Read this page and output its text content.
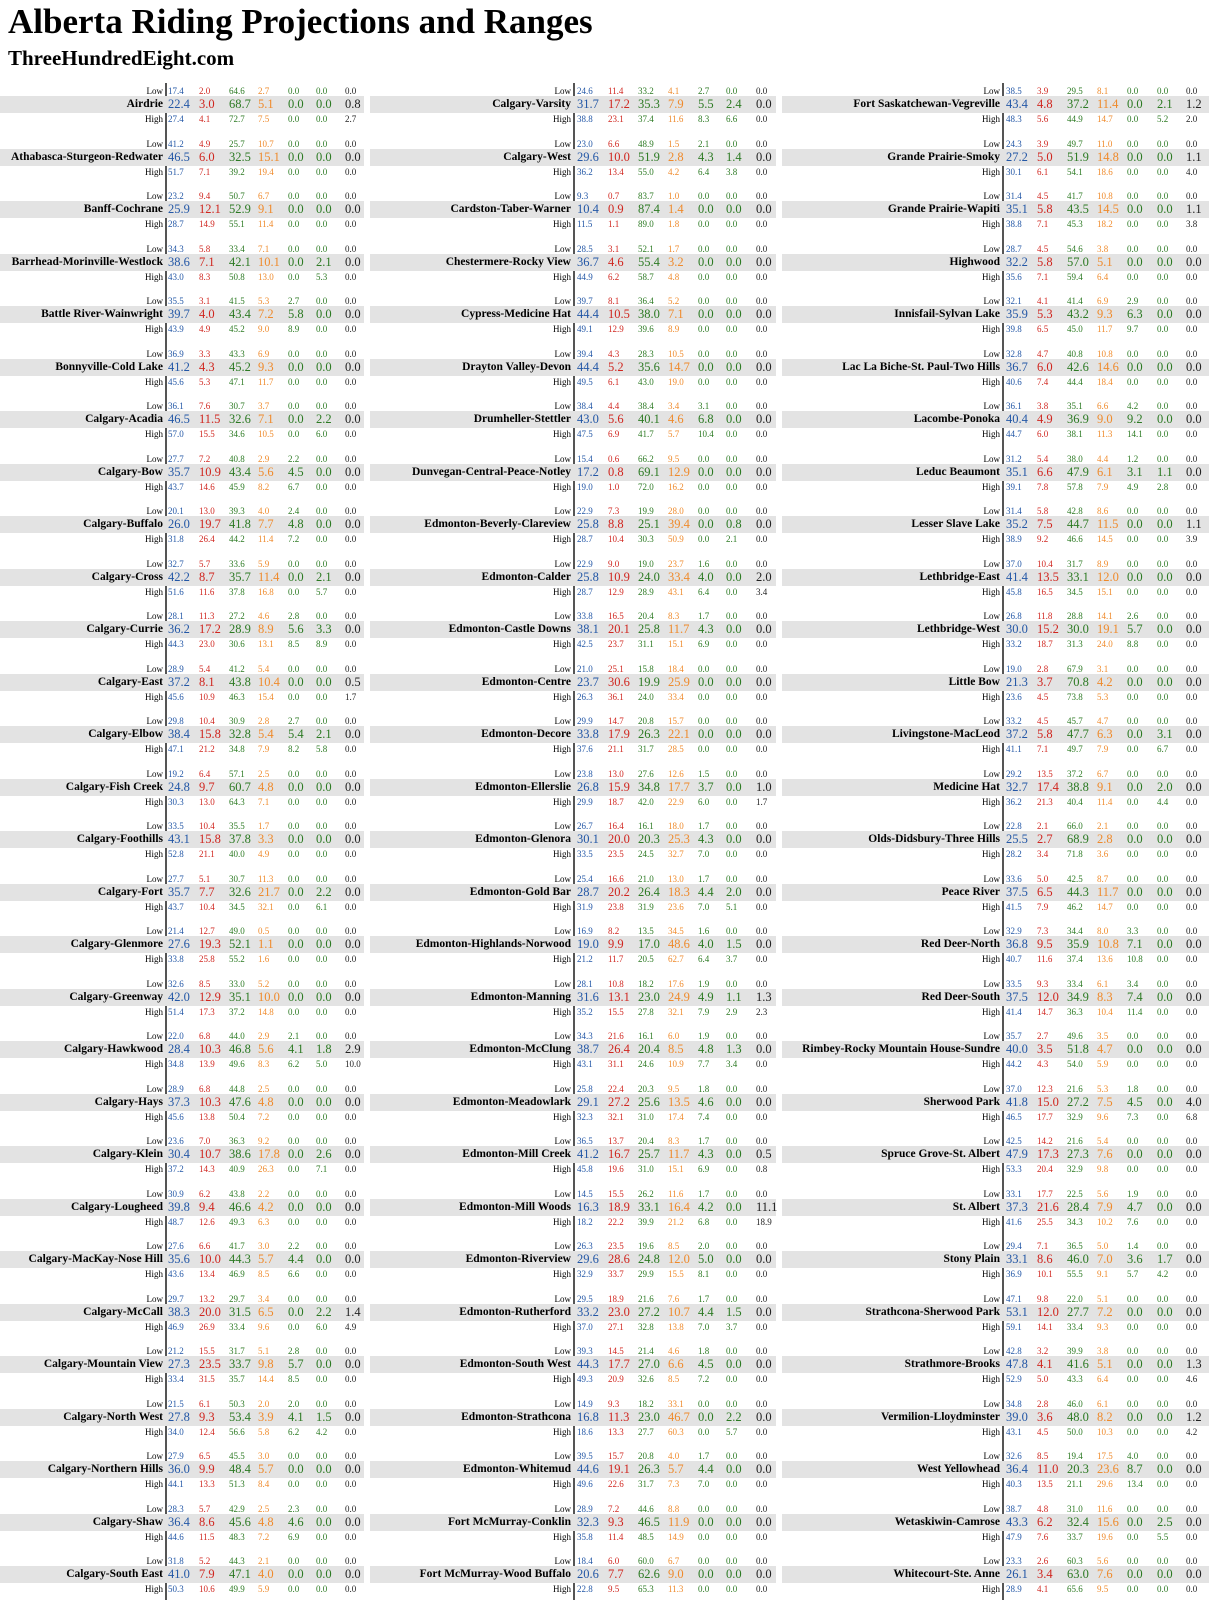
Alberta Riding Projections and Ranges
ThreeHundredEight.com
Low 17.4	2.0	64.6	2.7	0.0	0.0	0.0
Airdrie 22.4 3.0	68.7 5.1	0.0 0.0	0.8
High 27.4	4.1	72.7	7.5	0.0	0.0	2.7
Low 41.2	4.9	25.7	10.7	0.0	0.0	0.0
Athabasca-Sturgeon-Redwater 46.5 6.0	32.5 15.1 0.0 0.0	0.0
High 51.7	7.1	39.2	19.4	0.0	0.0	0.0
Low 23.2	9.4	50.7	6.7	0.0	0.0	0.0
Banff-Cochrane 25.9 12.1 52.9 9.1	0.0 0.0	0.0
High 28.7	14.9	55.1	11.4	0.0	0.0	0.0
Low 34.3	5.8	33.4	7.1	0.0	0.0	0.0
Barrhead-Morinville-Westlock 38.6 7.1	42.1 10.1 0.0 2.1	0.0
High 43.0	8.3	50.8	13.0	0.0	5.3	0.0
Low 35.5	3.1	41.5	5.3	2.7	0.0	0.0
Battle River-Wainwright 39.7 4.0	43.4 7.2	5.8 0.0	0.0
High 43.9	4.9	45.2	9.0	8.9	0.0	0.0
Low 36.9	3.3	43.3	6.9	0.0	0.0	0.0
Bonnyville-Cold Lake 41.2 4.3	45.2 9.3	0.0 0.0	0.0
High 45.6	5.3	47.1	11.7	0.0	0.0	0.0
Low 36.1	7.6	30.7	3.7	0.0	0.0	0.0
Calgary-Acadia 46.5 11.5 32.6 7.1	0.0 2.2	0.0
High 57.0	15.5	34.6	10.5	0.0	6.0	0.0
Low 27.7	7.2	40.8	2.9	2.2	0.0	0.0
Calgary-Bow 35.7 10.9 43.4 5.6	4.5 0.0	0.0
High 43.7	14.6	45.9	8.2	6.7	0.0	0.0
Low 20.1	13.0	39.3	4.0	2.4	0.0	0.0
Calgary-Buffalo 26.0 19.7 41.8 7.7	4.8 0.0	0.0
High 31.8	26.4	44.2	11.4	7.2	0.0	0.0
Low 32.7	5.7	33.6	5.9	0.0	0.0	0.0
Calgary-Cross 42.2 8.7	35.7 11.4 0.0 2.1	0.0
High 51.6	11.6	37.8	16.8	0.0	5.7	0.0
Low 28.1	11.3	27.2	4.6	2.8	0.0	0.0
Calgary-Currie 36.2 17.2 28.9 8.9	5.6 3.3	0.0
High 44.3	23.0	30.6	13.1	8.5	8.9	0.0
Low 28.9	5.4	41.2	5.4	0.0	0.0	0.0
Calgary-East 37.2 8.1	43.8 10.4 0.0 0.0	0.5
High 45.6	10.9	46.3	15.4	0.0	0.0	1.7
Low 29.8	10.4	30.9	2.8	2.7	0.0	0.0
Calgary-Elbow 38.4 15.8 32.8 5.4	5.4 2.1	0.0
High 47.1	21.2	34.8	7.9	8.2	5.8	0.0
Low 19.2	6.4	57.1	2.5	0.0	0.0	0.0
Calgary-Fish Creek 24.8 9.7	60.7 4.8	0.0 0.0	0.0
High 30.3	13.0	64.3	7.1	0.0	0.0	0.0
Low 33.5	10.4	35.5	1.7	0.0	0.0	0.0
Calgary-Foothills 43.1 15.8 37.8 3.3	0.0 0.0	0.0
High 52.8	21.1	40.0	4.9	0.0	0.0	0.0
Low 27.7	5.1	30.7	11.3	0.0	0.0	0.0
Calgary-Fort 35.7 7.7	32.6 21.7 0.0 2.2	0.0
High 43.7	10.4	34.5	32.1	0.0	6.1	0.0
Low 21.4	12.7	49.0	0.5	0.0	0.0	0.0
Calgary-Glenmore 27.6 19.3 52.1 1.1	0.0 0.0	0.0
High 33.8	25.8	55.2	1.6	0.0	0.0	0.0
Low 32.6	8.5	33.0	5.2	0.0	0.0	0.0
Calgary-Greenway 42.0 12.9 35.1 10.0 0.0 0.0	0.0
High 51.4	17.3	37.2	14.8	0.0	0.0	0.0
Low 22.0	6.8	44.0	2.9	2.1	0.0	0.0
Calgary-Hawkwood 28.4 10.3 46.8 5.6	4.1 1.8	2.9
High 34.8	13.9	49.6	8.3	6.2	5.0	10.0
Low 28.9	6.8	44.8	2.5	0.0	0.0	0.0
Calgary-Hays 37.3 10.3 47.6 4.8	0.0 0.0	0.0
High 45.6	13.8	50.4	7.2	0.0	0.0	0.0
Low 23.6	7.0	36.3	9.2	0.0	0.0	0.0
Calgary-Klein 30.4 10.7 38.6 17.8 0.0 2.6	0.0
High 37.2	14.3	40.9	26.3	0.0	7.1	0.0
Low 30.9	6.2	43.8	2.2	0.0	0.0	0.0
Calgary-Lougheed 39.8 9.4	46.6 4.2	0.0 0.0	0.0
High 48.7	12.6	49.3	6.3	0.0	0.0	0.0
Low 27.6	6.6	41.7	3.0	2.2	0.0	0.0
Calgary-MacKay-Nose Hill 35.6 10.0 44.3 5.7	4.4 0.0	0.0
High 43.6	13.4	46.9	8.5	6.6	0.0	0.0
Low 29.7	13.2	29.7	3.4	0.0	0.0	0.0
Calgary-McCall 38.3 20.0 31.5 6.5	0.0 2.2	1.4
High 46.9	26.9	33.4	9.6	0.0	6.0	4.9
Low 21.2	15.5	31.7	5.1	2.8	0.0	0.0
Calgary-Mountain View 27.3 23.5 33.7 9.8	5.7 0.0	0.0
High 33.4	31.5	35.7	14.4	8.5	0.0	0.0
Low 21.5	6.1	50.3	2.0	2.0	0.0	0.0
Calgary-North West 27.8 9.3	53.4 3.9	4.1 1.5	0.0
High 34.0	12.4	56.6	5.8	6.2	4.2	0.0
Low 27.9	6.5	45.5	3.0	0.0	0.0	0.0
Calgary-Northern Hills 36.0 9.9	48.4 5.7	0.0 0.0	0.0
High 44.1	13.3	51.3	8.4	0.0	0.0	0.0
Low 28.3	5.7	42.9	2.5	2.3	0.0	0.0
Calgary-Shaw 36.4 8.6	45.6 4.8	4.6 0.0	0.0
High 44.6	11.5	48.3	7.2	6.9	0.0	0.0
Low 31.8	5.2	44.3	2.1	0.0	0.0	0.0
Calgary-South East 41.0 7.9	47.1 4.0	0.0 0.0	0.0
High 50.3	10.6	49.9	5.9	0.0	0.0	0.0
Low 24.6	11.4	33.2	4.1	2.7	0.0	0.0
Calgary-Varsity 31.7 17.2 35.3 7.9	5.5 2.4	0.0
High 38.8	23.1	37.4	11.6	8.3	6.6	0.0
Low 23.0	6.6	48.9	1.5	2.1	0.0	0.0
Calgary-West 29.6 10.0 51.9 2.8	4.3 1.4	0.0
High 36.2	13.4	55.0	4.2	6.4	3.8	0.0
Low 9.3	0.7	83.7	1.0	0.0	0.0	0.0
Cardston-Taber-Warner 10.4 0.9	87.4 1.4	0.0 0.0	0.0
High 11.5	1.1	89.0	1.8	0.0	0.0	0.0
Low 28.5	3.1	52.1	1.7	0.0	0.0	0.0
Chestermere-Rocky View 36.7 4.6	55.4 3.2	0.0 0.0	0.0
High 44.9	6.2	58.7	4.8	0.0	0.0	0.0
Low 39.7	8.1	36.4	5.2	0.0	0.0	0.0
Cypress-Medicine Hat 44.4 10.5 38.0 7.1	0.0 0.0	0.0
High 49.1	12.9	39.6	8.9	0.0	0.0	0.0
Low 39.4	4.3	28.3	10.5	0.0	0.0	0.0
Drayton Valley-Devon 44.4 5.2	35.6 14.7 0.0 0.0	0.0
High 49.5	6.1	43.0	19.0	0.0	0.0	0.0
Low 38.4	4.4	38.4	3.4	3.1	0.0	0.0
Drumheller-Stettler 43.0 5.6	40.1 4.6	6.8 0.0	0.0
High 47.5	6.9	41.7	5.7	10.4	0.0	0.0
Low 15.4	0.6	66.2	9.5	0.0	0.0	0.0
Dunvegan-Central-Peace-Notley 17.2 0.8	69.1 12.9 0.0 0.0	0.0
High 19.0	1.0	72.0	16.2	0.0	0.0	0.0
Low 22.9	7.3	19.9	28.0	0.0	0.0	0.0
Edmonton-Beverly-Clareview 25.8 8.8	25.1 39.4 0.0 0.8	0.0
High 28.7	10.4	30.3	50.9	0.0	2.1	0.0
Low 22.9	9.0	19.0	23.7	1.6	0.0	0.0
Edmonton-Calder 25.8 10.9 24.0 33.4 4.0 0.0	2.0
High 28.7	12.9	28.9	43.1	6.4	0.0	3.4
Low 33.8	16.5	20.4	8.3	1.7	0.0	0.0
Edmonton-Castle Downs 38.1 20.1 25.8 11.7 4.3 0.0	0.0
High 42.5	23.7	31.1	15.1	6.9	0.0	0.0
Low 21.0	25.1	15.8	18.4	0.0	0.0	0.0
Edmonton-Centre 23.7 30.6 19.9 25.9 0.0 0.0	0.0
High 26.3	36.1	24.0	33.4	0.0	0.0	0.0
Low 29.9	14.7	20.8	15.7	0.0	0.0	0.0
Edmonton-Decore 33.8 17.9 26.3 22.1 0.0 0.0	0.0
High 37.6	21.1	31.7	28.5	0.0	0.0	0.0
Low 23.8	13.0	27.6	12.6	1.5	0.0	0.0
Edmonton-Ellerslie 26.8 15.9 34.8 17.7 3.7 0.0	1.0
High 29.9	18.7	42.0	22.9	6.0	0.0	1.7
Low 26.7	16.4	16.1	18.0	1.7	0.0	0.0
Edmonton-Glenora 30.1 20.0 20.3 25.3 4.3 0.0	0.0
High 33.5	23.5	24.5	32.7	7.0	0.0	0.0
Low 25.4	16.6	21.0	13.0	1.7	0.0	0.0
Edmonton-Gold Bar 28.7 20.2 26.4 18.3 4.4 2.0	0.0
High 31.9	23.8	31.9	23.6	7.0	5.1	0.0
Low 16.9	8.2	13.5	34.5	1.6	0.0	0.0
Edmonton-Highlands-Norwood 19.0 9.9	17.0 48.6 4.0 1.5	0.0
High 21.2	11.7	20.5	62.7	6.4	3.7	0.0
Low 28.1	10.8	18.2	17.6	1.9	0.0	0.0
Edmonton-Manning 31.6 13.1 23.0 24.9 4.9 1.1	1.3
High 35.2	15.5	27.8	32.1	7.9	2.9	2.3
Low 34.3	21.6	16.1	6.0	1.9	0.0	0.0
Edmonton-McClung 38.7 26.4 20.4 8.5	4.8 1.3	0.0
High 43.1	31.1	24.6	10.9	7.7	3.4	0.0
Low 25.8	22.4	20.3	9.5	1.8	0.0	0.0
Edmonton-Meadowlark 29.1 27.2 25.6 13.5 4.6 0.0	0.0
High 32.3	32.1	31.0	17.4	7.4	0.0	0.0
Low 36.5	13.7	20.4	8.3	1.7	0.0	0.0
Edmonton-Mill Creek 41.2 16.7 25.7 11.7 4.3 0.0	0.5
High 45.8	19.6	31.0	15.1	6.9	0.0	0.8
Low 14.5	15.5	26.2	11.6	1.7	0.0	0.0
Edmonton-Mill Woods 16.3 18.9 33.1 16.4 4.2 0.0	11.1
High 18.2	22.2	39.9	21.2	6.8	0.0	18.9
Low 26.3	23.5	19.6	8.5	2.0	0.0	0.0
Edmonton-Riverview 29.6 28.6 24.8 12.0 5.0 0.0	0.0
High 32.9	33.7	29.9	15.5	8.1	0.0	0.0
Low 29.5	18.9	21.6	7.6	1.7	0.0	0.0
Edmonton-Rutherford 33.2 23.0 27.2 10.7 4.4 1.5	0.0
High 37.0	27.1	32.8	13.8	7.0	3.7	0.0
Low 39.3	14.5	21.4	4.6	1.8	0.0	0.0
Edmonton-South West 44.3 17.7 27.0 6.6	4.5 0.0	0.0
High 49.3	20.9	32.6	8.5	7.2	0.0	0.0
Low 14.9	9.3	18.2	33.1	0.0	0.0	0.0
Edmonton-Strathcona 16.8 11.3 23.0 46.7 0.0 2.2	0.0
High 18.6	13.3	27.7	60.3	0.0	5.7	0.0
Low 39.5	15.7	20.8	4.0	1.7	0.0	0.0
Edmonton-Whitemud 44.6 19.1 26.3 5.7	4.4 0.0	0.0
High 49.6	22.6	31.7	7.3	7.0	0.0	0.0
Low 28.9	7.2	44.6	8.8	0.0	0.0	0.0
Fort McMurray-Conklin 32.3 9.3	46.5 11.9 0.0 0.0	0.0
High 35.8	11.4	48.5	14.9	0.0	0.0	0.0
Low 18.4	6.0	60.0	6.7	0.0	0.0	0.0
Fort McMurray-Wood Buffalo 20.6 7.7	62.6 9.0	0.0 0.0	0.0
High 22.8	9.5	65.3	11.3	0.0	0.0	0.0
Low 38.5	3.9	29.5	8.1	0.0	0.0	0.0
Fort Saskatchewan-Vegreville 43.4 4.8	37.2 11.4 0.0	2.1	1.2
High 48.3	5.6	44.9	14.7	0.0	5.2	2.0
Low 24.3	3.9	49.7	11.0	0.0	0.0	0.0
Grande Prairie-Smoky 27.2 5.0	51.9 14.8 0.0	0.0	1.1
High 30.1	6.1	54.1	18.6	0.0	0.0	4.0
Low 31.4	4.5	41.7	10.8	0.0	0.0	0.0
Grande Prairie-Wapiti 35.1 5.8	43.5 14.5 0.0	0.0	1.1
High 38.8	7.1	45.3	18.2	0.0	0.0	3.8
Low 28.7	4.5	54.6	3.8	0.0	0.0	0.0
Highwood 32.2 5.8	57.0 5.1	0.0	0.0	0.0
High 35.6	7.1	59.4	6.4	0.0	0.0	0.0
Low 32.1	4.1	41.4	6.9	2.9	0.0	0.0
Innisfail-Sylvan Lake 35.9 5.3	43.2 9.3	6.3	0.0	0.0
High 39.8	6.5	45.0	11.7	9.7	0.0	0.0
Low 32.8	4.7	40.8	10.8	0.0	0.0	0.0
Lac La Biche-St. Paul-Two Hills 36.7 6.0	42.6 14.6 0.0	0.0	0.0
High 40.6	7.4	44.4	18.4	0.0	0.0	0.0
Low 36.1	3.8	35.1	6.6	4.2	0.0	0.0
Lacombe-Ponoka 40.4 4.9	36.9 9.0	9.2	0.0	0.0
High 44.7	6.0	38.1	11.3	14.1	0.0	0.0
Low 31.2	5.4	38.0	4.4	1.2	0.0	0.0
Leduc Beaumont 35.1 6.6	47.9 6.1	3.1	1.1	0.0
High 39.1	7.8	57.8	7.9	4.9	2.8	0.0
Low 31.4	5.8	42.8	8.6	0.0	0.0	0.0
Lesser Slave Lake 35.2 7.5	44.7 11.5 0.0	0.0	1.1
High 38.9	9.2	46.6	14.5	0.0	0.0	3.9
Low 37.0	10.4	31.7	8.9	0.0	0.0	0.0
Lethbridge-East 41.4 13.5 33.1 12.0 0.0	0.0	0.0
High 45.8	16.5	34.5	15.1	0.0	0.0	0.0
Low 26.8	11.8	28.8	14.1	2.6	0.0	0.0
Lethbridge-West 30.0 15.2 30.0 19.1 5.7	0.0	0.0
High 33.2	18.7	31.3	24.0	8.8	0.0	0.0
Low 19.0	2.8	67.9	3.1	0.0	0.0	0.0
Little Bow 21.3 3.7	70.8 4.2	0.0	0.0	0.0
High 23.6	4.5	73.8	5.3	0.0	0.0	0.0
Low 33.2	4.5	45.7	4.7	0.0	0.0	0.0
Livingstone-MacLeod 37.2 5.8	47.7 6.3	0.0	3.1	0.0
High 41.1	7.1	49.7	7.9	0.0	6.7	0.0
Low 29.2	13.5	37.2	6.7	0.0	0.0	0.0
Medicine Hat 32.7 17.4 38.8 9.1	0.0	2.0	0.0
High 36.2	21.3	40.4	11.4	0.0	4.4	0.0
Low 22.8	2.1	66.0	2.1	0.0	0.0	0.0
Olds-Didsbury-Three Hills 25.5 2.7	68.9 2.8	0.0	0.0	0.0
High 28.2	3.4	71.8	3.6	0.0	0.0	0.0
Low 33.6	5.0	42.5	8.7	0.0	0.0	0.0
Peace River 37.5 6.5	44.3 11.7 0.0	0.0	0.0
High 41.5	7.9	46.2	14.7	0.0	0.0	0.0
Low 32.9	7.3	34.4	8.0	3.3	0.0	0.0
Red Deer-North 36.8 9.5	35.9 10.8 7.1	0.0	0.0
High 40.7	11.6	37.4	13.6	10.8	0.0	0.0
Low 33.5	9.3	33.4	6.1	3.4	0.0	0.0
Red Deer-South 37.5 12.0 34.9 8.3	7.4	0.0	0.0
High 41.4	14.7	36.3	10.4	11.4	0.0	0.0
Low 35.7	2.7	49.6	3.5	0.0	0.0	0.0
Rimbey-Rocky Mountain House-Sundre 40.0 3.5	51.8 4.7	0.0	0.0	0.0
High 44.2	4.3	54.0	5.9	0.0	0.0	0.0
Low 37.0	12.3	21.6	5.3	1.8	0.0	0.0
Sherwood Park 41.8 15.0 27.2 7.5	4.5	0.0	4.0
High 46.5	17.7	32.9	9.6	7.3	0.0	6.8
Low 42.5	14.2	21.6	5.4	0.0	0.0	0.0
Spruce Grove-St. Albert 47.9 17.3 27.3 7.6	0.0	0.0	0.0
High 53.3	20.4	32.9	9.8	0.0	0.0	0.0
Low 33.1	17.7	22.5	5.6	1.9	0.0	0.0
St. Albert 37.3 21.6 28.4 7.9	4.7	0.0	0.0
High 41.6	25.5	34.3	10.2	7.6	0.0	0.0
Low 29.4	7.1	36.5	5.0	1.4	0.0	0.0
Stony Plain 33.1 8.6	46.0 7.0	3.6	1.7	0.0
High 36.9	10.1	55.5	9.1	5.7	4.2	0.0
Low 47.1	9.8	22.0	5.1	0.0	0.0	0.0
Strathcona-Sherwood Park 53.1 12.0 27.7 7.2	0.0	0.0	0.0
High 59.1	14.1	33.4	9.3	0.0	0.0	0.0
Low 42.8	3.2	39.9	3.8	0.0	0.0	0.0
Strathmore-Brooks 47.8 4.1	41.6 5.1	0.0	0.0	1.3
High 52.9	5.0	43.3	6.4	0.0	0.0	4.6
Low 34.8	2.8	46.0	6.1	0.0	0.0	0.0
Vermilion-Lloydminster 39.0 3.6	48.0 8.2	0.0	0.0	1.2
High 43.1	4.5	50.0	10.3	0.0	0.0	4.2
Low 32.6	8.5	19.4	17.5	4.0	0.0	0.0
West Yellowhead 36.4 11.0 20.3 23.6 8.7	0.0	0.0
High 40.3	13.5	21.1	29.6	13.4	0.0	0.0
Low 38.7	4.8	31.0	11.6	0.0	0.0	0.0
Wetaskiwin-Camrose 43.3 6.2	32.4 15.6 0.0	2.5	0.0
High 47.9	7.6	33.7	19.6	0.0	5.5	0.0
Low 23.3	2.6	60.3	5.6	0.0	0.0	0.0
Whitecourt-Ste. Anne 26.1 3.4	63.0 7.6	0.0	0.0	0.0
High 28.9	4.1	65.6	9.5	0.0	0.0	0.0
